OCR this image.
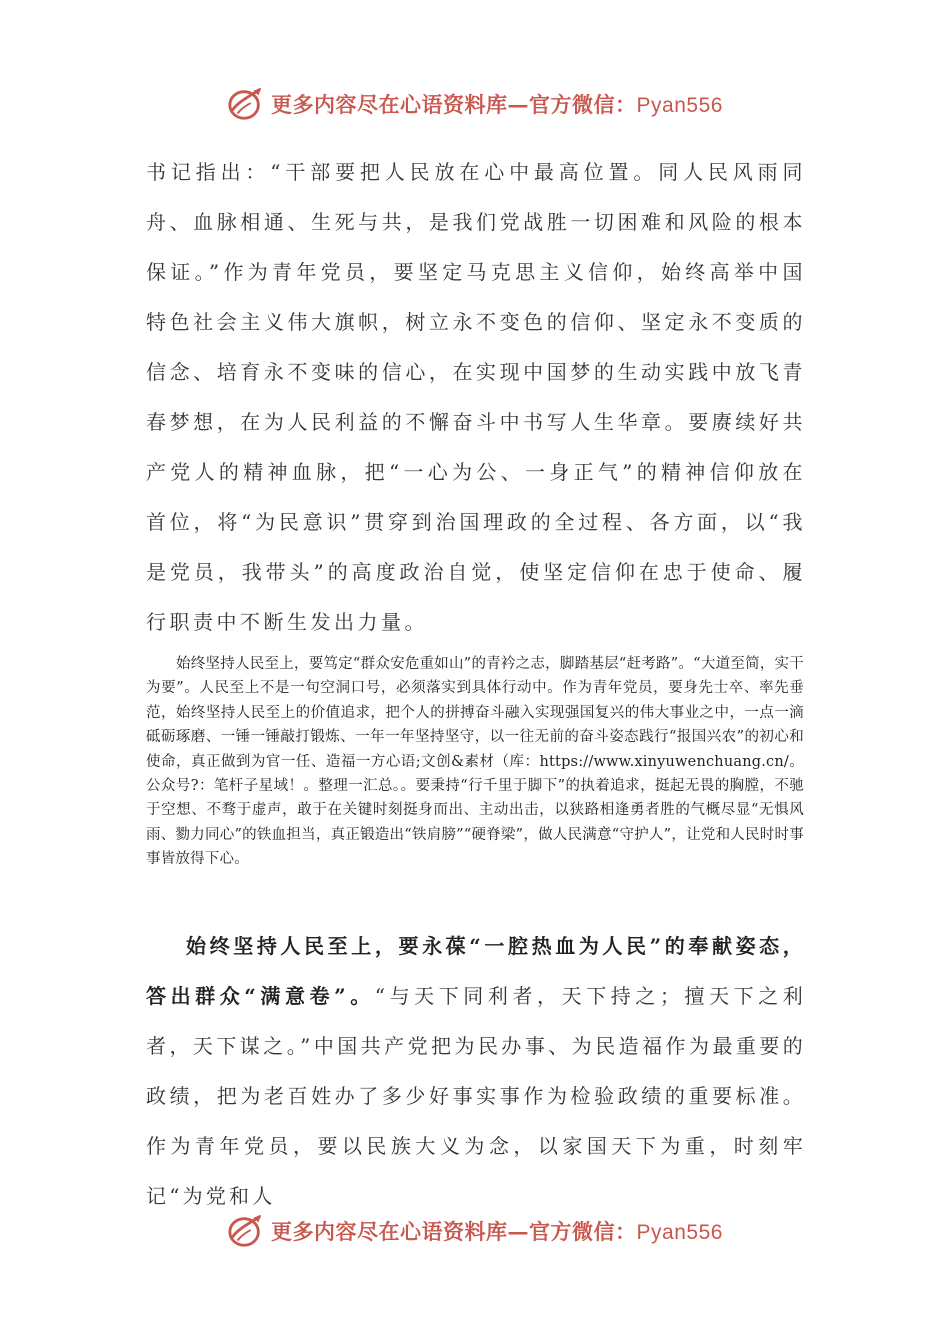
更多内容尽在心语资料库—官方微信：Pyan556

书记指出：“干部要把人民放在心中最高位置。同人民风雨同舟、血脉相通、生死与共，是我们党战胜一切困难和风险的根本保证。”作为青年党员，要坚定马克思主义信仰，始终高举中国特色社会主义伟大旗帜，树立永不变色的信仰、坚定永不变质的信念、培育永不变味的信心，在实现中国梦的生动实践中放飞青春梦想，在为人民利益的不懈奋斗中书写人生华章。要赓续好共产党人的精神血脉，把“一心为公、一身正气”的精神信仰放在首位，将“为民意识”贯穿到治国理政的全过程、各方面，以“我是党员，我带头”的高度政治自觉，使坚定信仰在忠于使命、履行职责中不断生发出力量。

始终坚持人民至上，要笃定“群众安危重如山”的青衿之志，脚踏基层“赶考路”。“大道至简，实干为要”。人民至上不是一句空洞口号，必须落实到具体行动中。作为青年党员，要身先士卒、率先垂范，始终坚持人民至上的价值追求，把个人的拼搏奋斗融入实现强国复兴的伟大事业之中，一点一滴砥砺琢磨、一锤一锤敲打锻炼、一年一年坚持坚守，以一往无前的奋斗姿态践行“报国兴农”的初心和使命，真正做到为官一任、造福一方心语;文创&素材（库：https://www.xinyuwenchuang.cn/。公众号?：笔杆子星域！。整理一汇总。。要秉持“行千里于脚下”的执着追求，挺起无畏的胸膛，不驰于空想、不骛于虚声，敢于在关键时刻挺身而出、主动出击，以狭路相逢勇者胜的气概尽显“无惧风雨、勠力同心”的铁血担当，真正锻造出“铁肩膀”“硬脊梁”，做人民满意“守护人”，让党和人民时时事事皆放得下心。

始终坚持人民至上，要永葆“一腔热血为人民”的奉献姿态，答出群众“满意卷”。“与天下同利者，天下持之；擅天下之利者，天下谋之。”中国共产党把为民办事、为民造福作为最重要的政绩，把为老百姓办了多少好事实事作为检验政绩的重要标准。作为青年党员，要以民族大义为念，以家国天下为重，时刻牢记“为党和人

更多内容尽在心语资料库—官方微信：Pyan556
